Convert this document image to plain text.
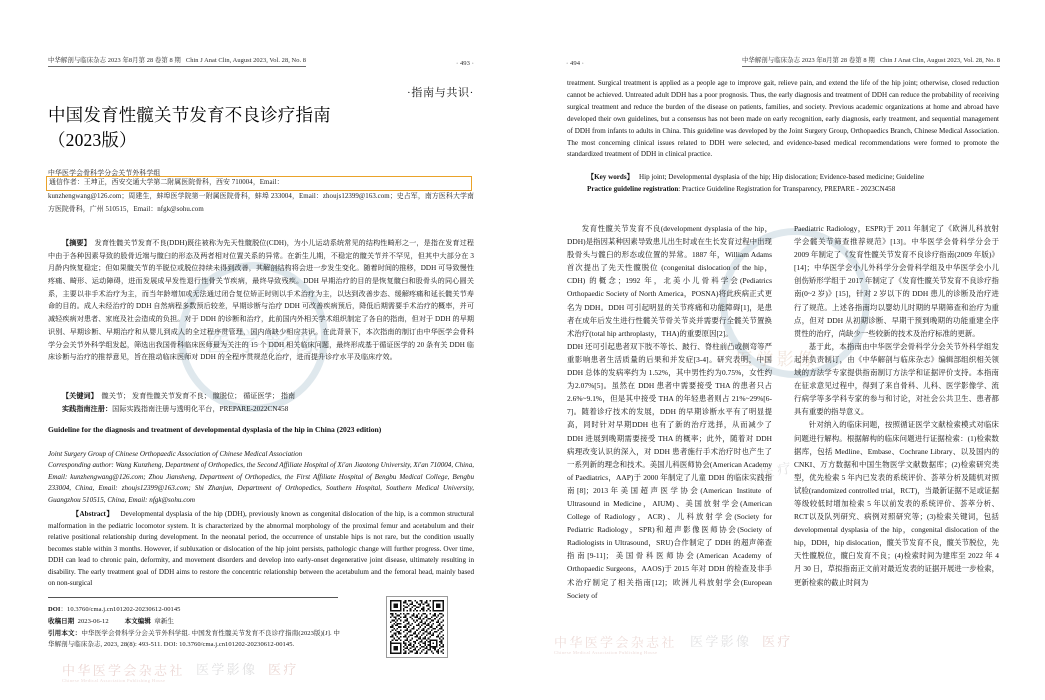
医学影像
中华医学会杂志社
Chinese Medical Association Publishing House
医学影像 医疗
中华解剖与临床杂志 2023 年8月第 28 卷第 8 期 Chin J Anat Clin, August 2023, Vol. 28, No. 8	· 493 ·
·指南与共识·
中国发育性髋关节发育不良诊疗指南
（2023版）
中华医学会骨科学分会关节外科学组
通信作者：王坤正，西安交通大学第二附属医院骨科，西安 710004，Email：kunzhengwang@126.com；周建生，蚌埠医学院第一附属医院骨科，蚌埠 233004，Email：zhoujs12399@163.com；史占军，南方医科大学南方医院骨科，广州 510515，Email：nfgk@sohu.com

【摘要】 发育性髋关节发育不良(DDH)既往被称为先天性髋脱位(CDH)，为小儿运动系统常见的结构性畸形之一，是指在发育过程中由于各种因素导致的股骨近端与髋臼的形态及两者相对位置关系的异常。在新生儿期，不稳定的髋关节并不罕见，但其中大部分在 3 月龄内恢复稳定；但如果髋关节的半脱位或脱位持续未得到改善，其解剖结构将会进一步发生变化。随着时间的推移，DDH 可导致慢性疼痛、畸形、运动障碍，进而发展成早发性退行性骨关节疾病，最终导致残疾。DDH 早期治疗的目的是恢复髋臼和股骨头的同心圆关系，主要以非手术治疗为主，而当年龄增加或无法通过闭合复位矫正时则以手术治疗为主，以达到改善步态、缓解疼痛和延长髋关节寿命的目的。成人未经治疗的 DDH 自然病程多数预后较差，早期诊断与治疗 DDH 可改善疾病预后，降低后期需要手术治疗的概率，并可减轻疾病对患者、家庭及社会造成的负担。对于 DDH 的诊断和治疗，此前国内外相关学术组织制定了各自的指南，但对于 DDH 的早期识别、早期诊断、早期治疗和从婴儿到成人的全过程序贯管理，国内尚缺少相应共识。在此背景下，本次指南的制订由中华医学会骨科学分会关节外科学组发起，筛选出我国骨科临床医师最为关注的 15 个 DDH 相关临床问题，最终形成基于循证医学的 20 条有关 DDH 临床诊断与治疗的推荐意见，旨在推动临床医师对 DDH 的全程序贯规范化治疗，进而提升诊疗水平及临床疗效。

【关键词】 髋关节； 发育性髋关节发育不良； 髋脱位； 循证医学； 指南

实践指南注册：国际实践指南注册与透明化平台，PREPARE-2022CN458

Guideline for the diagnosis and treatment of developmental dysplasia of the hip in China (2023 edition)
Joint Surgery Group of Chinese Orthopaedic Association of Chinese Medical Association
Corresponding author: Wang Kunzheng, Department of Orthopedics, the Second Affiliate Hospital of Xi'an Jiaotong University, Xi'an 710004, China, Email: kunzhengwang@126.com; Zhou Jiansheng, Department of Orthopedics, the First Affiliate Hospital of Bengbu Medical College, Bengbu 233004, China, Email: zhoujs12399@163.com; Shi Zhanjun, Department of Orthopedics, Southern Hospital, Southern Medical University, Guangzhou 510515, China, Email: nfgk@sohu.com

【Abstract】 Developmental dysplasia of the hip (DDH), previously known as congenital dislocation of the hip, is a common structural malformation in the pediatric locomotor system. It is characterized by the abnormal morphology of the proximal femur and acetabulum and their relative positional relationship during development. In the neonatal period, the occurrence of unstable hips is not rare, but the condition usually becomes stable within 3 months. However, if subluxation or dislocation of the hip joint persists, pathologic change will further progress. Over time, DDH can lead to chronic pain, deformity, and movement disorders and develop into early-onset degenerative joint disease, ultimately resulting in disability. The early treatment goal of DDH aims to restore the concentric relationship between the acetabulum and the femoral head, mainly based on non-surgical

DOI：10.3760/cma.j.cn101202-20230612-00145
收稿日期 2023-06-12 本文编辑 章新生
引用本文：中华医学会骨科学分会关节外科学组. 中国发育性髋关节发育不良诊疗指南(2023版)[J]. 中华解剖与临床杂志, 2023, 28(8): 493-511. DOI: 10.3760/cma.j.cn101202-20230612-00145.
医学影像
医疗
中华医学会杂志社
Chinese Medical Association Publishing House
医学影像 医疗
· 494 ·	中华解剖与临床杂志 2023 年8月第 28 卷第 8 期 Chin J Anat Clin, August 2023, Vol. 28, No. 8

treatment. Surgical treatment is applied as a people age to improve gait, relieve pain, and extend the life of the hip joint; otherwise, closed reduction cannot be achieved. Untreated adult DDH has a poor prognosis. Thus, the early diagnosis and treatment of DDH can reduce the probability of receiving surgical treatment and reduce the burden of the disease on patients, families, and society. Previous academic organizations at home and abroad have developed their own guidelines, but a consensus has not been made on early recognition, early diagnosis, early treatment, and sequential management of DDH from infants to adults in China. This guideline was developed by the Joint Surgery Group, Orthopaedics Branch, Chinese Medical Association. The most concerning clinical issues related to DDH were selected, and evidence-based medical recommendations were formed to promote the standardized treatment of DDH in clinical practice.

【Key words】 Hip joint; Developmental dysplasia of the hip; Hip dislocation; Evidence-based medicine; Guideline

Practice guideline registration: Practice Guideline Registration for Transparency, PREPARE - 2023CN458

发育性髋关节发育不良(development dysplasia of the hip，DDH)是指因某种因素导致患儿出生时或在生长发育过程中出现股骨头与髋臼的形态或位置的异常。1887 年，William Adams 首次提出了先天性髋脱位 (congenital dislocation of the hip，CDH) 的概念；1992 年，北美小儿骨科学会(Pediatrics Orthopaedic Society of North America，POSNA)将此疾病正式更名为 DDH。DDH 可引起明显的关节疼痛和功能障碍[1]，是患者在成年后发生进行性髋关节骨关节炎并需要行全髋关节置换术治疗(total hip arthroplasty，THA)的重要原因[2]。

DDH 还可引起患者双下肢不等长、跛行、脊柱前凸或侧弯等严重影响患者生活质量的后果和并发症[3-4]。研究表明，中国 DDH 总体的发病率约为 1.52%，其中男性约为0.75%，女性约为2.07%[5]。虽然在 DDH 患者中需要接受 THA 的患者只占 2.6%~9.1%，但是其中接受 THA 的年轻患者则占 21%~29%[6-7]。随着诊疗技术的发展，DDH 的早期诊断水平有了明显提高，同时针对早期DDH 也有了新的治疗选择，从而减少了 DDH 进展到晚期需要接受 THA 的概率；此外，随着对 DDH 病理改变认识的深入，对 DDH 患者施行手术治疗时也产生了一系列新的理念和技术。美国儿科医师协会(American Academy of Paediatrics，AAP)于 2000 年制定了儿童 DDH 的临床实践指南[8]；2013年美国超声医学协会(American Institute of Ultrasound in Medicine，AIUM)、美国放射学会(American College of Radiology，ACR)、儿科放射学会(Society for Pediatric Radiology，SPR)和超声影像医师协会(Society of Radiologists in Ultrasound，SRU)合作制定了 DDH 的超声筛查指南[9-11]；美国骨科医师协会(American Academy of Orthopaedic Surgeons，AAOS)于 2015 年对 DDH 的检查及非手术治疗制定了相关指南[12]；欧洲儿科放射学会(European Society of

Paediatric Radiology，ESPR)于 2011 年制定了《欧洲儿科放射学会髋关节筛查推荐规范》[13]。中华医学会骨科学分会于 2009 年制定了《发育性髋关节发育不良诊疗指南(2009 年版)》[14]；中华医学会小儿外科学分会骨科学组及中华医学会小儿创伤矫形学组于 2017 年制定了《发育性髋关节发育不良诊疗指南(0~2 岁)》[15]，针对 2 岁以下的 DDH 患儿的诊断及治疗进行了规范。上述各指南均以婴幼儿时期的早期筛查和治疗为重点，但对 DDH 从初期诊断、早期干预到晚期的功能重建全序贯性的治疗，尚缺少一些较新的技术及治疗标准的更新。

基于此，本指南由中华医学会骨科学分会关节外科学组发起并负责制订，由《中华解剖与临床杂志》编辑部组织相关领域的方法学专家提供指南制订方法学和证据评价支持。本指南在征求意见过程中，得到了来自骨科、儿科、医学影像学、流行病学等多学科专家的参与和讨论，对社会公共卫生、患者都具有重要的指导意义。

针对纳入的临床问题，按照循证医学文献检索模式对临床问题进行解构。根据解构的临床问题进行证据检索：(1)检索数据库，包括 Medline、Embase、Cochrane Library、以及国内的CNKI、万方数据和中国生物医学文献数据库；(2)检索研究类型，优先检索 5 年内已发表的系统评价、荟萃分析及随机对照试验(randomized controlled trial，RCT)，当最新证据不足或证据等级较低时增加检索 5 年以前发表的系统评价、荟萃分析、RCT以及队列研究、病例对照研究等；(3)检索关键词，包括 developmental dysplasia of the hip，congenital dislocation of the hip，DDH，hip dislocation，髋关节发育不良，髋关节脱位，先天性髋脱位，髋臼发育不良；(4)检索时间为建库至 2022 年 4 月 30 日，草拟指南正文前对最近发表的证据开展进一步检索，更新检索的截止时间为
